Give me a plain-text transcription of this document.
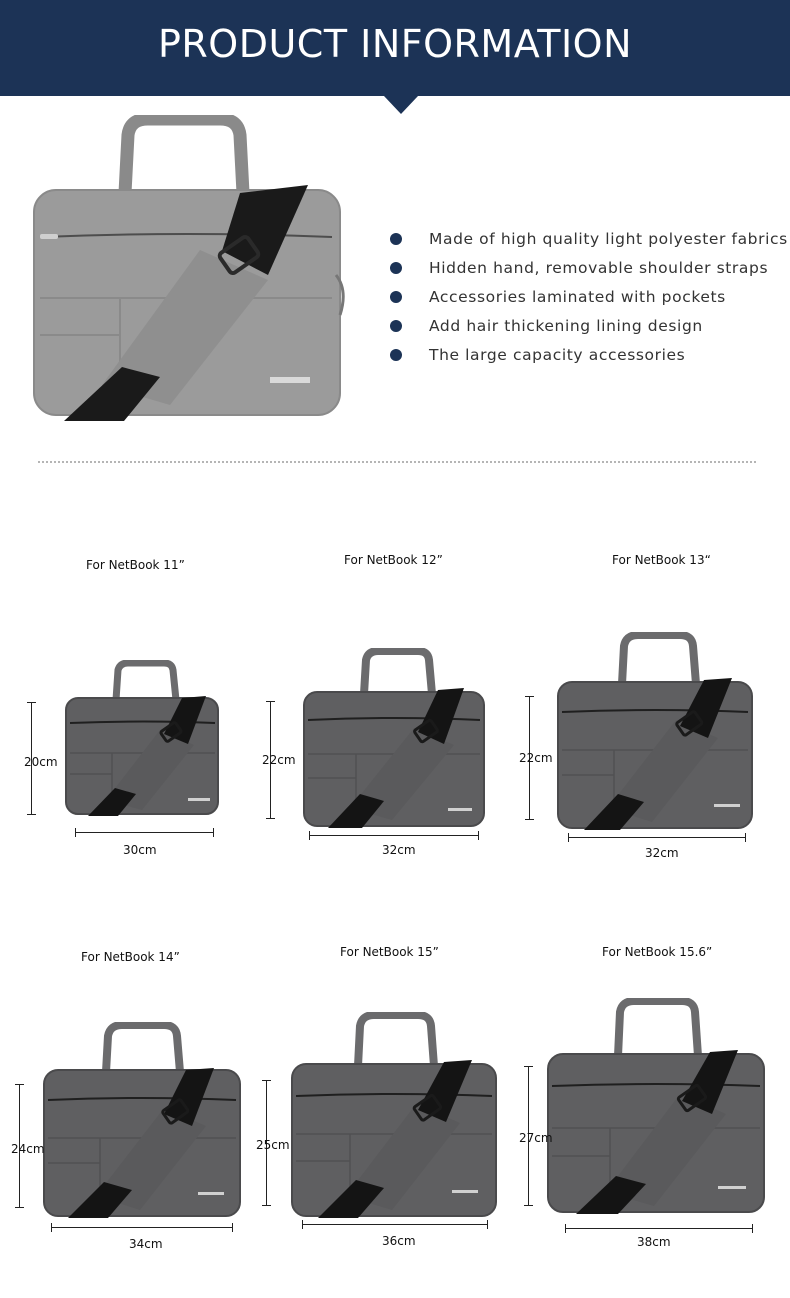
PRODUCT INFORMATION
Made of high quality light polyester fabrics
Hidden hand, removable shoulder straps
Accessories laminated with pockets
Add hair thickening lining design
The large capacity accessories
For NetBook 11”
20cm
30cm
For NetBook 12”
22cm
32cm
For NetBook 13“
22cm
32cm
For NetBook 14”
24cm
34cm
For NetBook 15”
25cm
36cm
For NetBook 15.6”
27cm
38cm
